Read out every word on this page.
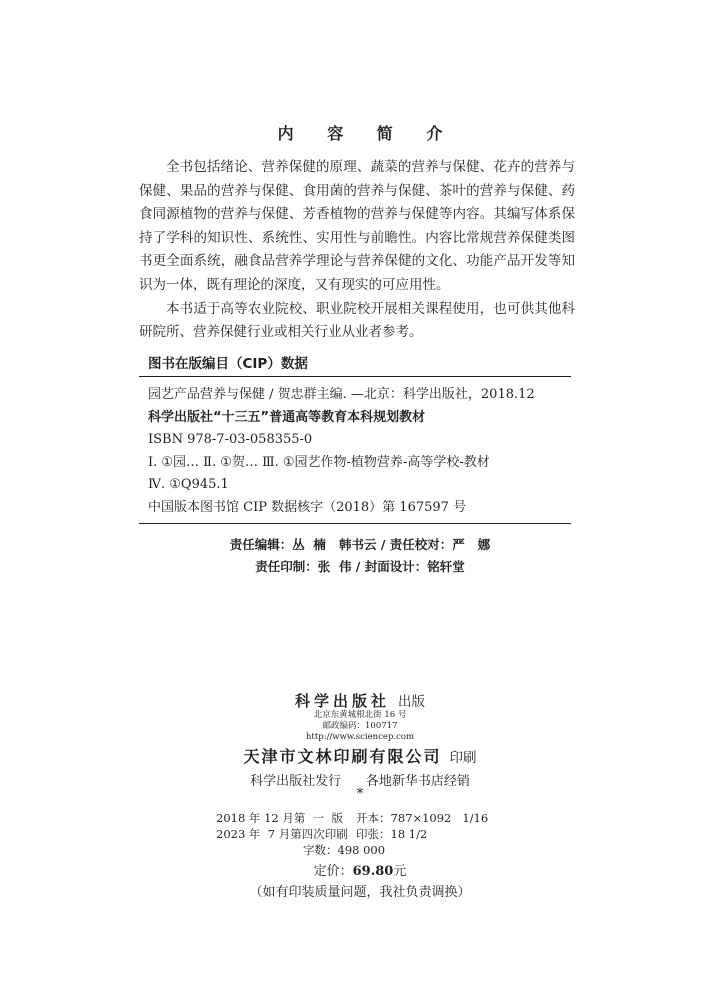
内 容 简 介

全书包括绪论、营养保健的原理、蔬菜的营养与保健、花卉的营养与保健、果品的营养与保健、食用菌的营养与保健、茶叶的营养与保健、药食同源植物的营养与保健、芳香植物的营养与保健等内容。其编写体系保持了学科的知识性、系统性、实用性与前瞻性。内容比常规营养保健类图书更全面系统，融食品营养学理论与营养保健的文化、功能产品开发等知识为一体，既有理论的深度，又有现实的可应用性。

本书适于高等农业院校、职业院校开展相关课程使用，也可供其他科研院所、营养保健行业或相关行业从业者参考。

图书在版编目（CIP）数据
园艺产品营养与保健 / 贺忠群主编. —北京：科学出版社，2018.12
科学出版社“十三五”普通高等教育本科规划教材
ISBN 978-7-03-058355-0
Ⅰ. ①园… Ⅱ. ①贺… Ⅲ. ①园艺作物-植物营养-高等学校-教材
Ⅳ. ①Q945.1
中国版本图书馆 CIP 数据核字（2018）第 167597 号
责任编辑：丛  楠   韩书云 / 责任校对：严   娜
责任印制：张  伟 / 封面设计：铭轩堂
科学出版社 出版
北京东黄城根北街 16 号
邮政编码：100717
http://www.sciencep.com
天津市文林印刷有限公司 印刷
科学出版社发行 各地新华书店经销
*
2018 年 12 月第  一  版 开本：787×1092   1/16
2023 年  7 月第四次印刷 印张：18 1/2
字数：498 000
定价：69.80元
（如有印装质量问题，我社负责调换）
